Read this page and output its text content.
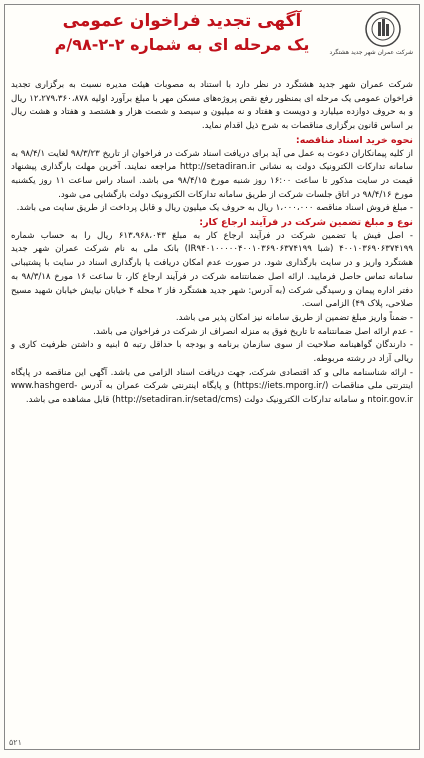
شرکت عمران شهر جدید هشتگرد
آگهی تجدید فراخوان عمومی
یک مرحله ای به شماره ۲-۲-۹۸/م

شرکت عمران شهر جدید هشتگرد در نظر دارد با استناد به مصوبات هیئت مدیره نسبت به برگزاری تجدید فراخوان عمومی یک مرحله ای بمنظور رفع نقص پروژه‌های مسکن مهر با مبلغ برآورد اولیه ۱۲،۲۷۹،۳۶۰،۸۷۸ ریال و به حروف دوازده میلیارد و دویست و هفتاد و نه میلیون و سیصد و شصت هزار و هشتصد و هفتاد و هشت ریال بر اساس قانون برگزاری مناقصات به شرح ذیل اقدام نماید.

نحوه خرید اسناد مناقصه:

از کلیه پیمانکاران دعوت به عمل می آید برای دریافت اسناد شرکت در فراخوان از تاریخ ۹۸/۳/۲۳ لغایت ۹۸/۴/۱ به سامانه تدارکات الکترونیک دولت به نشانی http://setadiran.ir مراجعه نمایند. آخرین مهلت بارگذاری پیشنهاد قیمت در سایت مذکور تا ساعت ۱۶:۰۰ روز شنبه مورخ ۹۸/۴/۱۵ می باشد. اسناد راس ساعت ۱۱ روز یکشنبه مورخ ۹۸/۴/۱۶ در اتاق جلسات شرکت از طریق سامانه تدارکات الکترونیک دولت بازگشایی می شود.

- مبلغ فروش اسناد مناقصه ۱،۰۰۰،۰۰۰ ریال به حروف یک میلیون ریال و قابل پرداخت از طریق سایت می باشد.

نوع و مبلغ تضمین شرکت در فرآیند ارجاع کار:

- اصل فیش یا تضمین شرکت در فرآیند ارجاع کار به مبلغ ۶۱۳،۹۶۸،۰۴۳ ریال را به حساب شماره ۴۰۰۱۰۳۶۹۰۶۳۷۴۱۹۹ (شبا IR۹۴۰۱۰۰۰۰۰۴۰۰۱۰۳۶۹۰۶۳۷۴۱۹۹) بانک ملی به نام شرکت عمران شهر جدید هشتگرد واریز و در سایت بارگذاری شود. در صورت عدم امکان دریافت یا بارگذاری اسناد در سایت با پشتیبانی سامانه تماس حاصل فرمایید. ارائه اصل ضمانتنامه شرکت در فرآیند ارجاع کار، تا ساعت ۱۶ مورخ ۹۸/۳/۱۸ به دفتر اداره پیمان و رسیدگی شرکت (به آدرس: شهر جدید هشتگرد فاز ۲ محله ۴ خیابان نیایش خیابان شهید مسیح صلاحی، پلاک ۴۹) الزامی است.

- ضمناً واریز مبلغ تضمین از طریق سامانه نیز امکان پذیر می باشد.

- عدم ارائه اصل ضمانتنامه تا تاریخ فوق به منزله انصراف از شرکت در فراخوان می باشد.

- دارندگان گواهینامه صلاحیت از سوی سازمان برنامه و بودجه با حداقل رتبه ۵ ابنیه و داشتن ظرفیت کاری و ریالی آزاد در رشته مربوطه.

- ارائه شناسنامه مالی و کد اقتصادی شرکت، جهت دریافت اسناد الزامی می باشد. آگهی این مناقصه در پایگاه اینترنتی ملی مناقصات (https://iets.mporg.ir/) و پایگاه اینترنتی شرکت عمران به آدرس www.hashgerd-ntoir.gov.ir و سامانه تدارکات الکترونیک دولت (http://setadiran.ir/setad/cms) قابل مشاهده می باشد.

۵۲۱
